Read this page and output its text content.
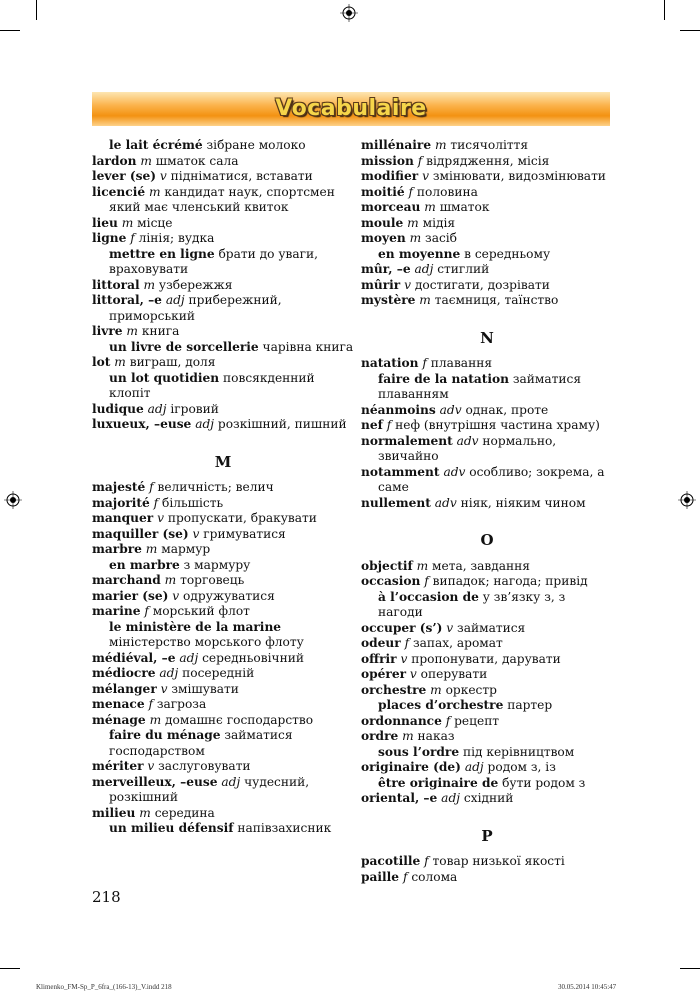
Vocabulaire

le lait écrémé зібране молоко

lardon m шматок сала

lever (se) v підніматися, вставати

licencié m кандидат наук, спортсмен який має членський квиток

lieu m місце

ligne f лінія; вудка

mettre en ligne брати до уваги, враховувати

littoral m узбережжя

littoral, –e adj прибережний, приморський

livre m книга

un livre de sorcellerie чарівна книга

lot m виграш, доля

un lot quotidien повсякденний клопіт

ludique adj ігровий

luxueux, –euse adj розкішний, пишний

M

majesté f величність; велич

majorité f більшість

manquer v пропускати, бракувати

maquiller (se) v гримуватися

marbre m мармур

en marbre з мармуру

marchand m торговець

marier (se) v одружуватися

marine f морський флот

le ministère de la marine міністерство морського флоту

médiéval, –e adj середньовічний

médiocre adj посередній

mélanger v змішувати

menace f загроза

ménage m домашнє господарство

faire du ménage займатися господарством

mériter v заслуговувати

merveilleux, –euse adj чудесний, розкішний

milieu m середина

un milieu défensif напівзахисник

millénaire m тисячоліття

mission f відрядження, місія

modifier v змінювати, видозмінювати

moitié f половина

morceau m шматок

moule m мідія

moyen m засіб

en moyenne в середньому

mûr, –e adj стиглий

mûrir v достигати, дозрівати

mystère m таємниця, таїнство

N

natation f плавання

faire de la natation займатися плаванням

néanmoins adv однак, проте

nef f неф (внутрішня частина храму)

normalement adv нормально, звичайно

notamment adv особливо; зокрема, а саме

nullement adv ніяк, ніяким чином

O

objectif m мета, завдання

occasion f випадок; нагода; привід

à l’occasion de у зв’язку з, з нагоди

occuper (s’) v займатися

odeur f запах, аромат

offrir v пропонувати, дарувати

opérer v оперувати

orchestre m оркестр

places d’orchestre партер

ordonnance f рецепт

ordre m наказ

sous l’ordre під керівництвом

originaire (de) adj родом з, із

être originaire de бути родом з

oriental, –e adj східний

P

pacotille f товар низької якості

paille f солома

218
Klimenko_FM-Sp_P_6fra_(166-13)_V.indd 218	30.05.2014 10:45:47
